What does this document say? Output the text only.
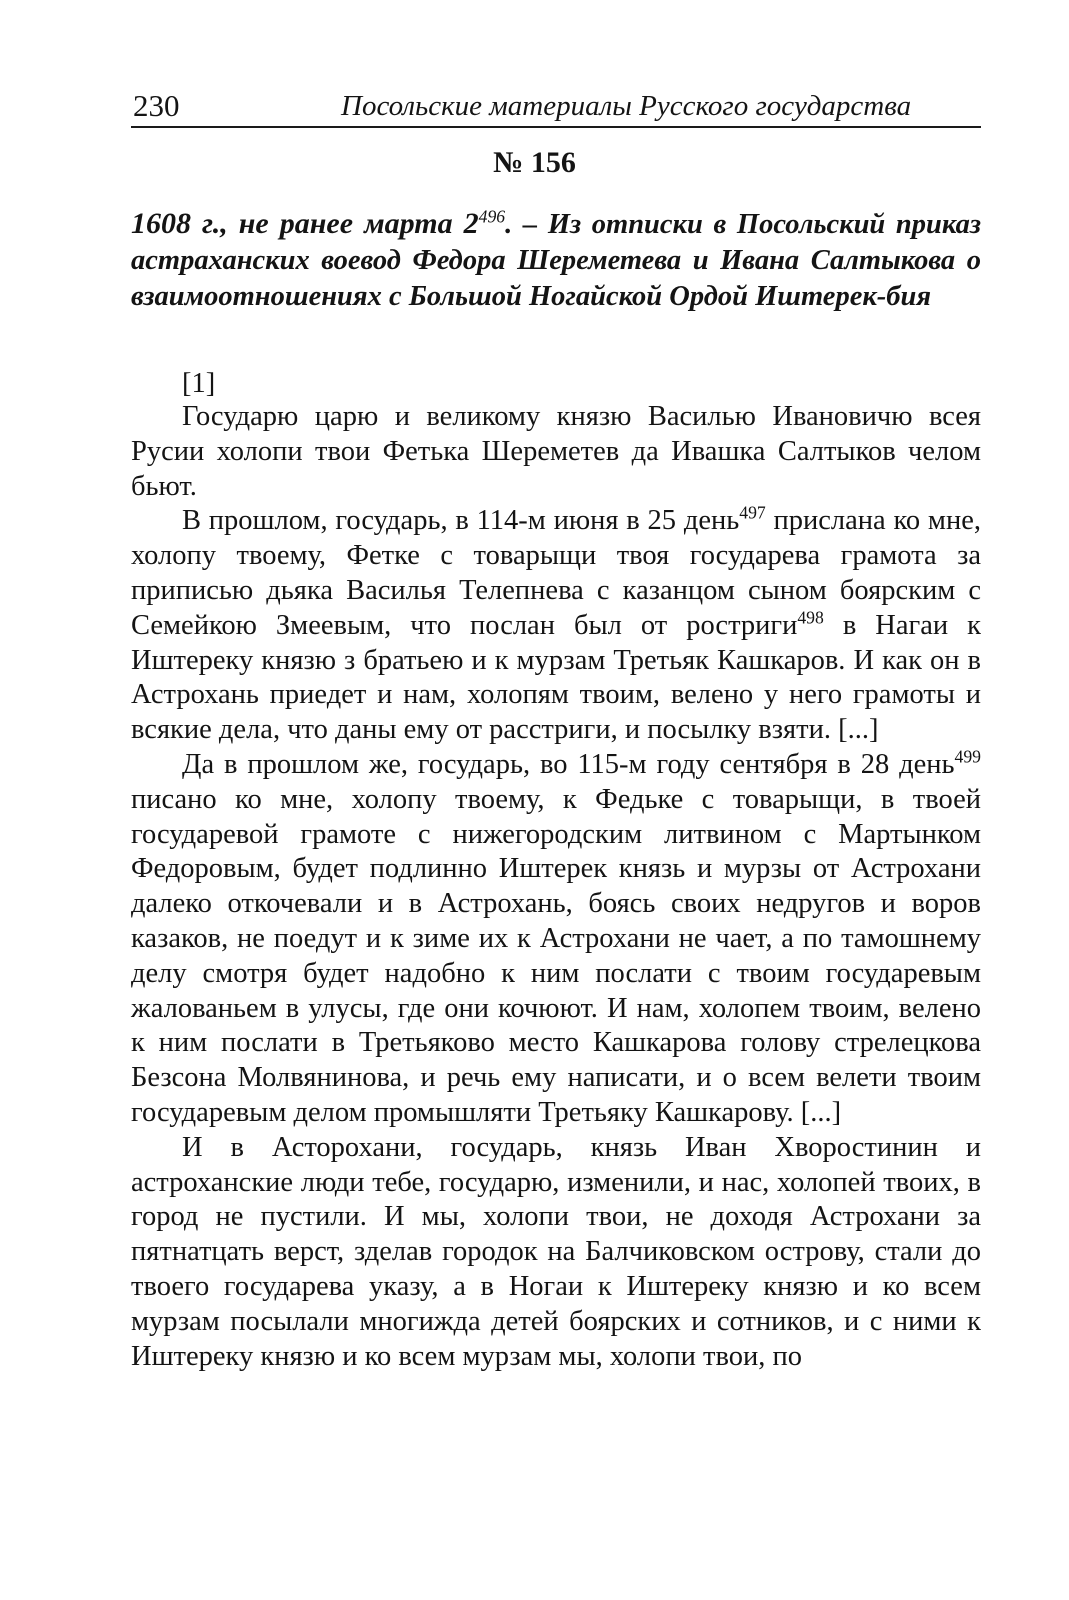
230	Посольские материалы Русского государства
№ 156
1608 г., не ранее марта $2^{496}$. – Из отписки в Посольский приказ астраханских воевод Федора Шереметева и Ивана Салтыкова о взаимоотношениях с Большой Ногайской Ордой Иштерек-бия
[1]

Государю царю и великому князю Василью Ивановичю всея Русии холопи твои Фетька Шереметев да Ивашка Салтыков челом бьют.

В прошлом, государь, в 114-м июня в 25 день$^{497}$ прислана ко мне, холопу твоему, Фетке с товарыщи твоя государева грамота за приписью дьяка Василья Телепнева с казанцом сыном боярским с Семейкою Змеевым, что послан был от ростриги$^{498}$ в Нагаи к Иштереку князю з братьею и к мурзам Третьяк Кашкаров. И как он в Астрохань приедет и нам, холопям твоим, велено у него грамоты и всякие дела, что даны ему от расстриги, и посылку взяти. [...]

Да в прошлом же, государь, во 115-м году сентября в 28 день$^{499}$ писано ко мне, холопу твоему, к Федьке с товарыщи, в твоей государевой грамоте с нижегородским литвином с Мартынком Федоровым, будет подлинно Иштерек князь и мурзы от Астрохани далеко откочевали и в Астрохань, боясь своих недругов и воров казаков, не поедут и к зиме их к Астрохани не чает, а по тамошнему делу смотря будет надобно к ним послати с твоим государевым жалованьем в улусы, где они кочюют. И нам, холопем твоим, велено к ним послати в Третьяково место Кашкарова голову стрелецкова Безсона Молвянинова, и речь ему написати, и о всем велети твоим государевым делом промышляти Третьяку Кашкарову. [...]

И в Асторохани, государь, князь Иван Хворостинин и астроханские люди тебе, государю, изменили, и нас, холопей твоих, в город не пустили. И мы, холопи твои, не доходя Астрохани за пятнатцать верст, зделав городок на Балчиковском острову, стали до твоего государева указу, а в Ногаи к Иштереку князю и ко всем мурзам посылали многижда детей боярских и сотников, и с ними к Иштереку князю и ко всем мурзам мы, холопи твои, по
